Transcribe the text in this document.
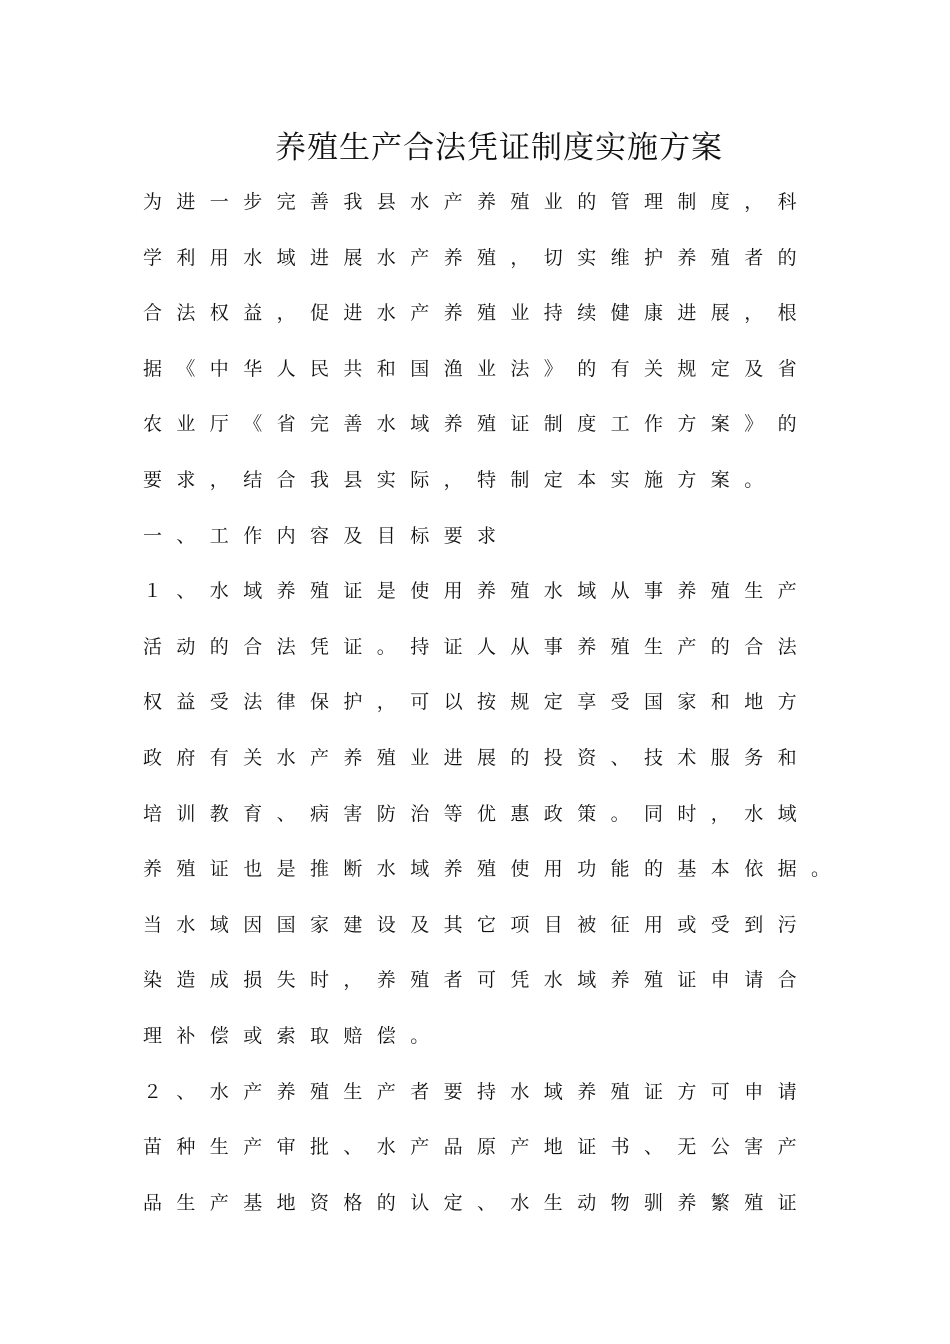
养殖生产合法凭证制度实施方案
为进一步完善我县水产养殖业的管理制度，科
学利用水域进展水产养殖，切实维护养殖者的
合法权益，促进水产养殖业持续健康进展，根
据《中华人民共和国渔业法》的有关规定及省
农业厅《省完善水域养殖证制度工作方案》的
要求，结合我县实际，特制定本实施方案。
一、工作内容及目标要求
１、水域养殖证是使用养殖水域从事养殖生产
活动的合法凭证。持证人从事养殖生产的合法
权益受法律保护，可以按规定享受国家和地方
政府有关水产养殖业进展的投资、技术服务和
培训教育、病害防治等优惠政策。同时，水域
养殖证也是推断水域养殖使用功能的基本依据。
当水域因国家建设及其它项目被征用或受到污
染造成损失时，养殖者可凭水域养殖证申请合
理补偿或索取赔偿。
２、水产养殖生产者要持水域养殖证方可申请
苗种生产审批、水产品原产地证书、无公害产
品生产基地资格的认定、水生动物驯养繁殖证
